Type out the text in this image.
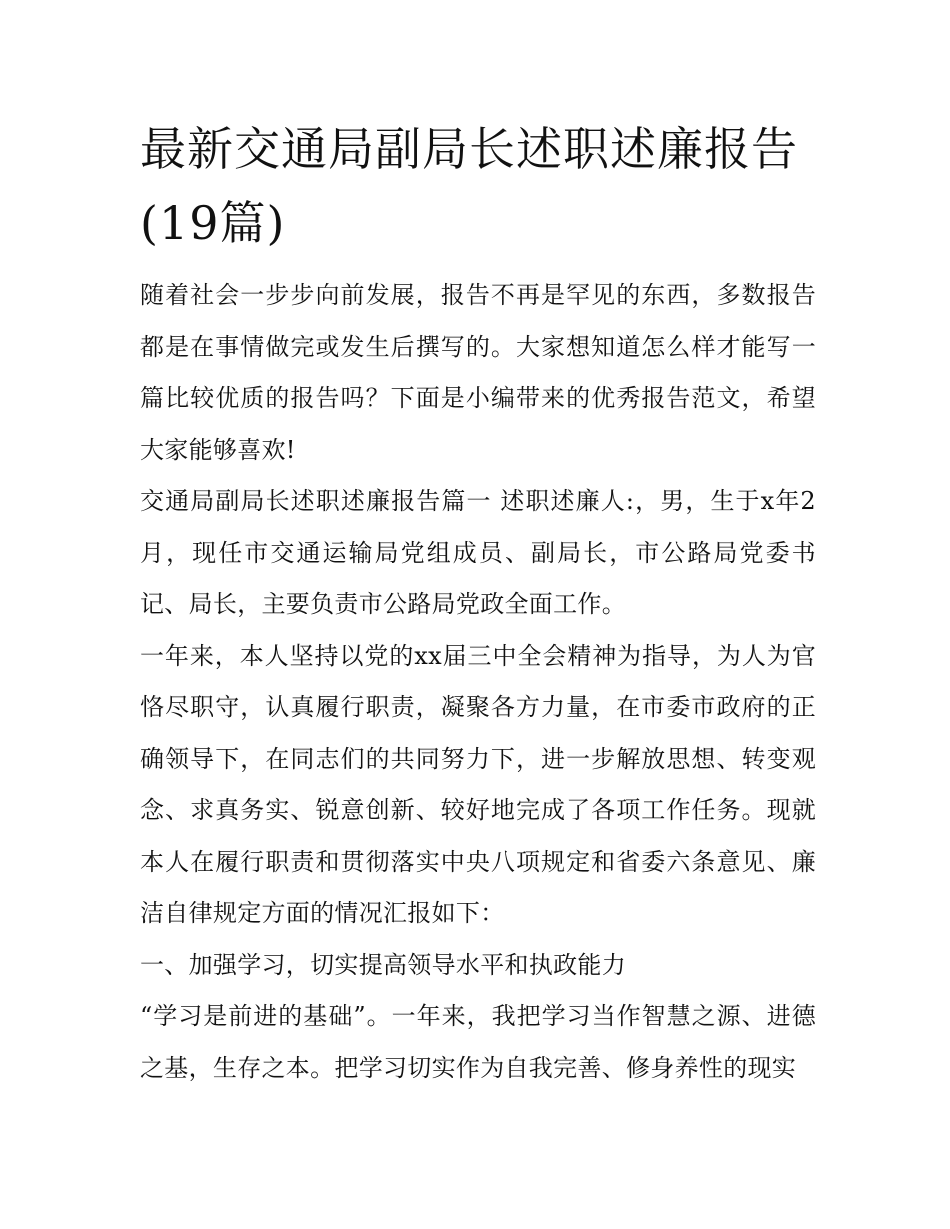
最新交通局副局长述职述廉报告(19篇)

随着社会一步步向前发展，报告不再是罕见的东西，多数报告都是在事情做完或发生后撰写的。大家想知道怎么样才能写一篇比较优质的报告吗？下面是小编带来的优秀报告范文，希望大家能够喜欢!

交通局副局长述职述廉报告篇一 述职述廉人:，男，生于x年2月，现任市交通运输局党组成员、副局长，市公路局党委书记、局长，主要负责市公路局党政全面工作。

一年来，本人坚持以党的xx届三中全会精神为指导，为人为官恪尽职守，认真履行职责，凝聚各方力量，在市委市政府的正确领导下，在同志们的共同努力下，进一步解放思想、转变观念、求真务实、锐意创新、较好地完成了各项工作任务。现就本人在履行职责和贯彻落实中央八项规定和省委六条意见、廉洁自律规定方面的情况汇报如下：

一、加强学习，切实提高领导水平和执政能力

“学习是前进的基础”。一年来，我把学习当作智慧之源、进德之基，生存之本。把学习切实作为自我完善、修身养性的现实
